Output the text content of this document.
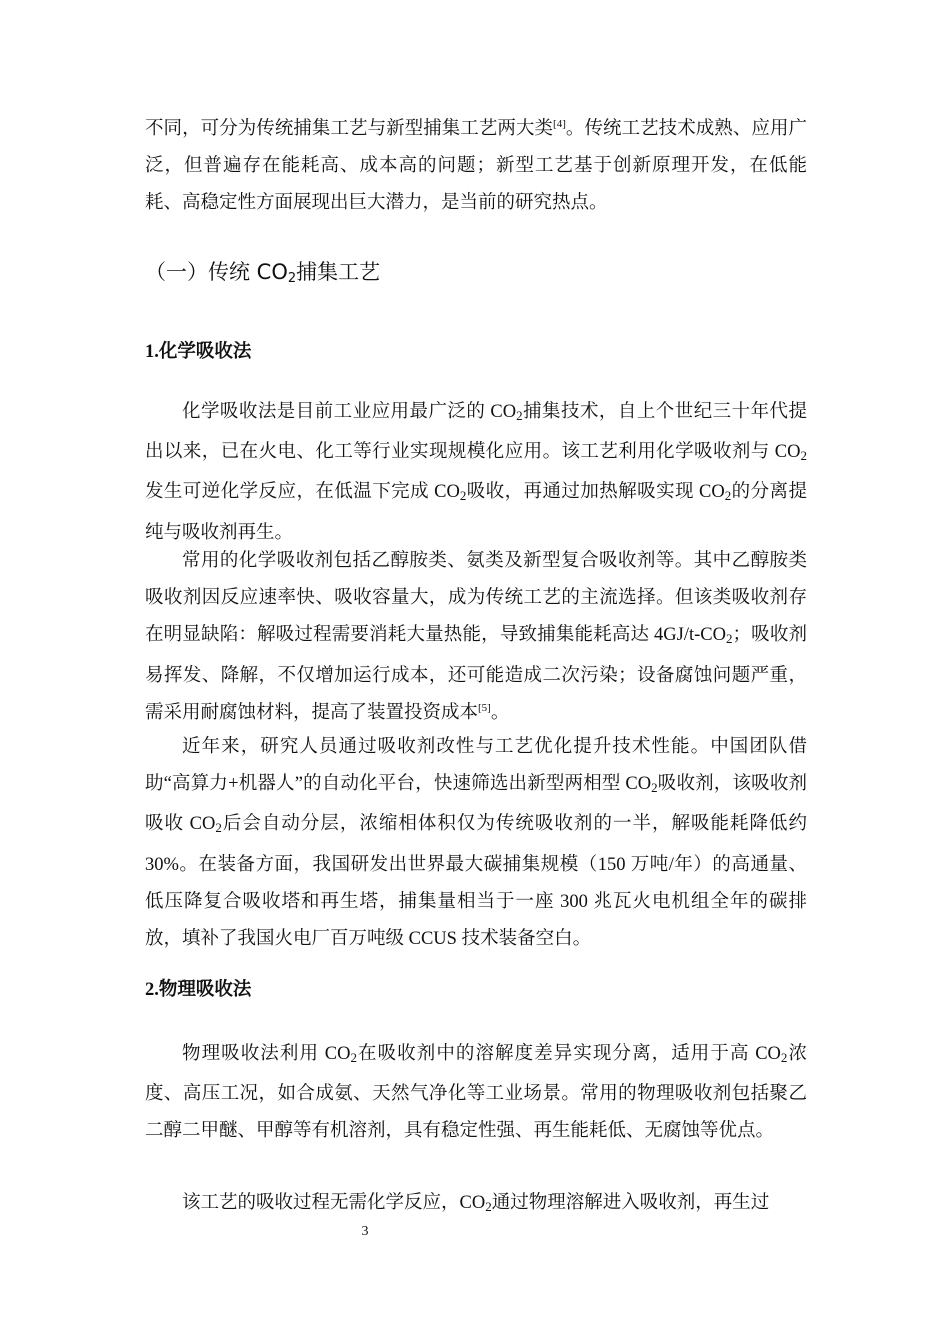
不同，可分为传统捕集工艺与新型捕集工艺两大类[4]。传统工艺技术成熟、应用广泛，但普遍存在能耗高、成本高的问题；新型工艺基于创新原理开发，在低能耗、高稳定性方面展现出巨大潜力，是当前的研究热点。

（一）传统 $CO_2$捕集工艺
1.化学吸收法

化学吸收法是目前工业应用最广泛的 $CO_2$捕集技术，自上个世纪三十年代提出以来，已在火电、化工等行业实现规模化应用。该工艺利用化学吸收剂与 $CO_2$发生可逆化学反应，在低温下完成 $CO_2$吸收，再通过加热解吸实现 $CO_2$的分离提纯与吸收剂再生。

常用的化学吸收剂包括乙醇胺类、氨类及新型复合吸收剂等。其中乙醇胺类吸收剂因反应速率快、吸收容量大，成为传统工艺的主流选择。但该类吸收剂存在明显缺陷：解吸过程需要消耗大量热能，导致捕集能耗高达 $4GJ/t-CO_2$；吸收剂易挥发、降解，不仅增加运行成本，还可能造成二次污染；设备腐蚀问题严重，需采用耐腐蚀材料，提高了装置投资成本[5]。

近年来，研究人员通过吸收剂改性与工艺优化提升技术性能。中国团队借助“高算力+机器人”的自动化平台，快速筛选出新型两相型 $CO_2$吸收剂，该吸收剂吸收 $CO_2$后会自动分层，浓缩相体积仅为传统吸收剂的一半，解吸能耗降低约 30%。在装备方面，我国研发出世界最大碳捕集规模（150 万吨/年）的高通量、低压降复合吸收塔和再生塔，捕集量相当于一座 300 兆瓦火电机组全年的碳排放，填补了我国火电厂百万吨级 CCUS 技术装备空白。

2.物理吸收法

物理吸收法利用 $CO_2$在吸收剂中的溶解度差异实现分离，适用于高 $CO_2$浓度、高压工况，如合成氨、天然气净化等工业场景。常用的物理吸收剂包括聚乙二醇二甲醚、甲醇等有机溶剂，具有稳定性强、再生能耗低、无腐蚀等优点。

该工艺的吸收过程无需化学反应，$CO_2$通过物理溶解进入吸收剂，再生过

3
